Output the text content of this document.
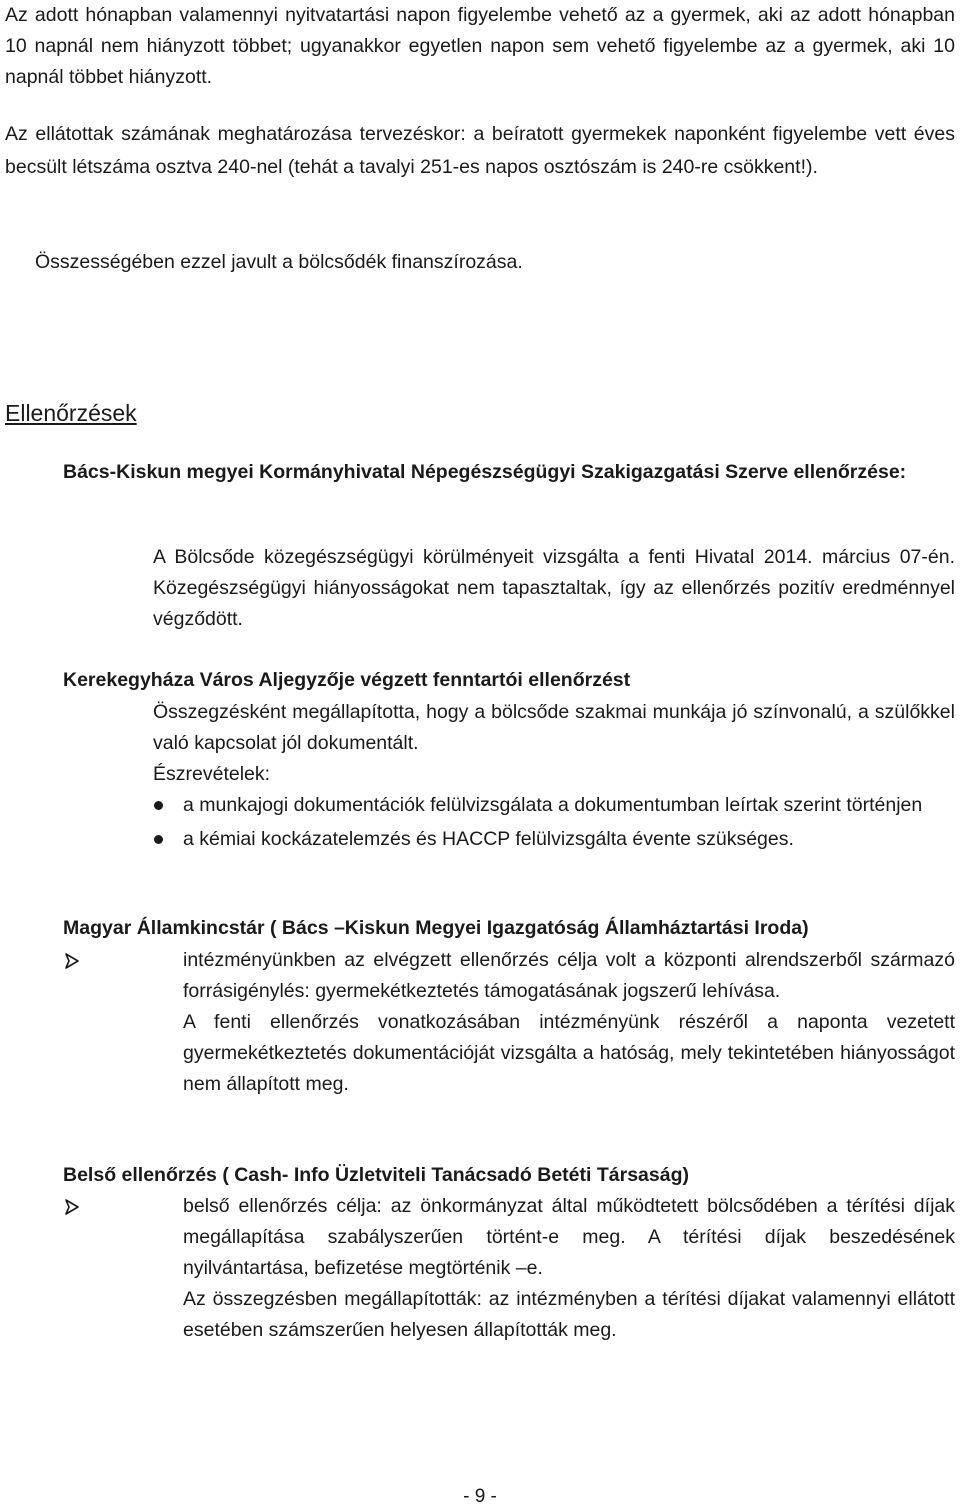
Az adott hónapban valamennyi nyitvatartási napon figyelembe vehető az a gyermek, aki az adott hónapban 10 napnál nem hiányzott többet; ugyanakkor egyetlen napon sem vehető figyelembe az a gyermek, aki 10 napnál többet hiányzott.
Az ellátottak számának meghatározása tervezéskor: a beíratott gyermekek naponként figyelembe vett éves becsült létszáma osztva 240-nel (tehát a tavalyi 251-es napos osztószám is 240-re csökkent!).
Összességében ezzel javult a bölcsődék finanszírozása.
Ellenőrzések
Bács-Kiskun megyei Kormányhivatal Népegészségügyi Szakigazgatási Szerve ellenőrzése:
A Bölcsőde közegészségügyi körülményeit vizsgálta a fenti Hivatal 2014. március 07-én. Közegészségügyi hiányosságokat nem tapasztaltak, így az ellenőrzés pozitív eredménnyel végződött.
Kerekegyháza Város Aljegyzője végzett fenntartói ellenőrzést
Összegzésként megállapította, hogy a bölcsőde szakmai munkája jó színvonalú, a szülőkkel való kapcsolat jól dokumentált.
Észrevételek:
a munkajogi dokumentációk felülvizsgálata a dokumentumban leírtak szerint történjen
a kémiai kockázatelemzés és HACCP felülvizsgálta évente szükséges.
Magyar Államkincstár ( Bács –Kiskun Megyei Igazgatóság Államháztartási Iroda)
intézményünkben az elvégzett ellenőrzés célja volt a központi alrendszerből származó forrásigénylés: gyermekétkeztetés támogatásának jogszerű lehívása.
A fenti ellenőrzés vonatkozásában intézményünk részéről a naponta vezetett gyermekétkeztetés dokumentációját vizsgálta a hatóság, mely tekintetében hiányosságot nem állapított meg.
Belső ellenőrzés ( Cash- Info Üzletviteli Tanácsadó Betéti Társaság)
belső ellenőrzés célja: az önkormányzat által működtetett bölcsődében a térítési díjak megállapítása szabályszerűen történt-e meg. A térítési díjak beszedésének nyilvántartása, befizetése megtörténik –e.
Az összegzésben megállapították: az intézményben a térítési díjakat valamennyi ellátott esetében számszerűen helyesen állapították meg.
- 9 -
